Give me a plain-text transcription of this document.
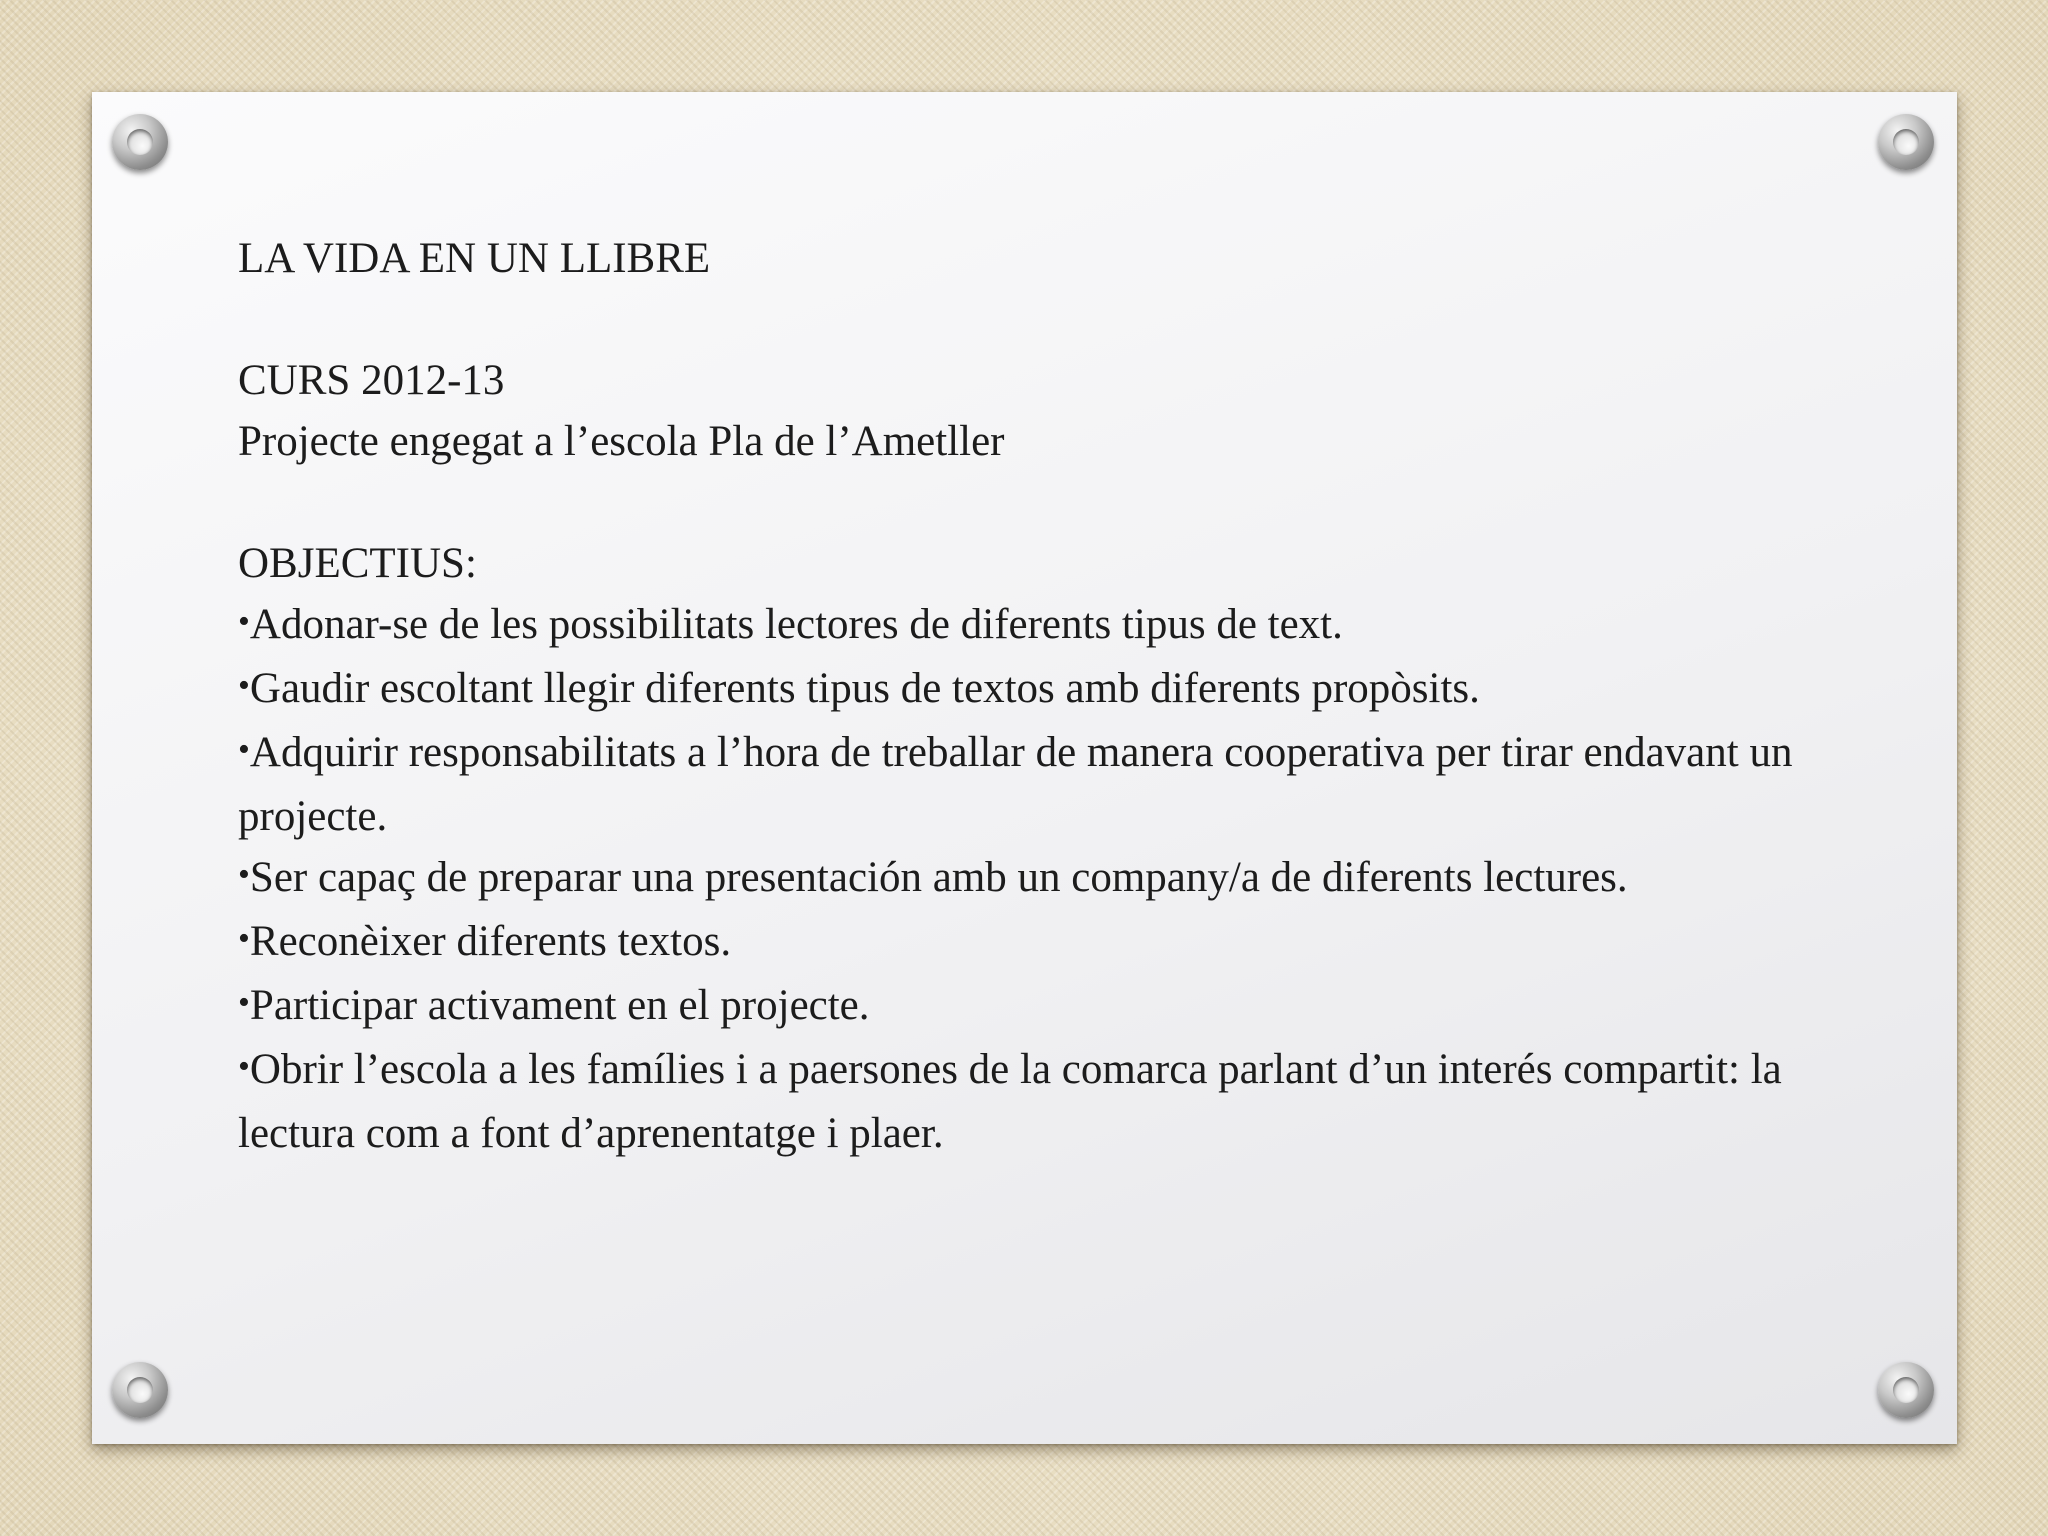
LA VIDA EN UN LLIBRE

CURS 2012-13

Projecte engegat a l’escola Pla de l’Ametller

OBJECTIUS:

•Adonar-se de les possibilitats lectores de diferents tipus de text.

•Gaudir escoltant llegir diferents tipus de textos amb diferents propòsits.

•Adquirir responsabilitats a l’hora de treballar de manera cooperativa per tirar endavant un projecte.

•Ser capaç de preparar una presentación amb un company/a de diferents lectures.

•Reconèixer diferents textos.

•Participar activament en el projecte.

•Obrir l’escola a les famílies i a paersones de la comarca parlant d’un interés compartit: la lectura com a font d’aprenentatge i plaer.
